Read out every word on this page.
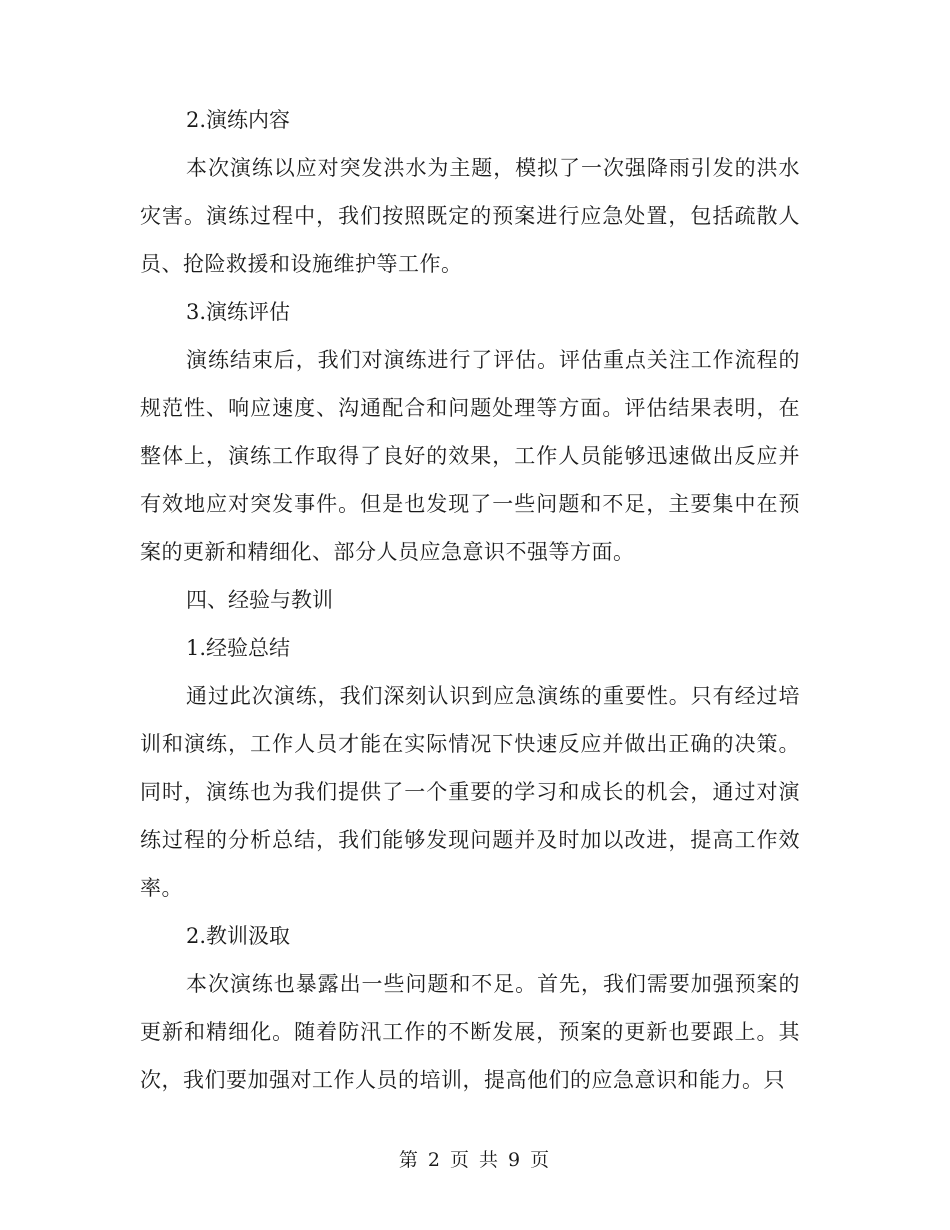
2.演练内容

本次演练以应对突发洪水为主题，模拟了一次强降雨引发的洪水灾害。演练过程中，我们按照既定的预案进行应急处置，包括疏散人员、抢险救援和设施维护等工作。

3.演练评估

演练结束后，我们对演练进行了评估。评估重点关注工作流程的规范性、响应速度、沟通配合和问题处理等方面。评估结果表明，在整体上，演练工作取得了良好的效果，工作人员能够迅速做出反应并有效地应对突发事件。但是也发现了一些问题和不足，主要集中在预案的更新和精细化、部分人员应急意识不强等方面。

四、经验与教训

1.经验总结

通过此次演练，我们深刻认识到应急演练的重要性。只有经过培训和演练，工作人员才能在实际情况下快速反应并做出正确的决策。同时，演练也为我们提供了一个重要的学习和成长的机会，通过对演练过程的分析总结，我们能够发现问题并及时加以改进，提高工作效率。

2.教训汲取

本次演练也暴露出一些问题和不足。首先，我们需要加强预案的更新和精细化。随着防汛工作的不断发展，预案的更新也要跟上。其次，我们要加强对工作人员的培训，提高他们的应急意识和能力。只

第 2 页 共 9 页
